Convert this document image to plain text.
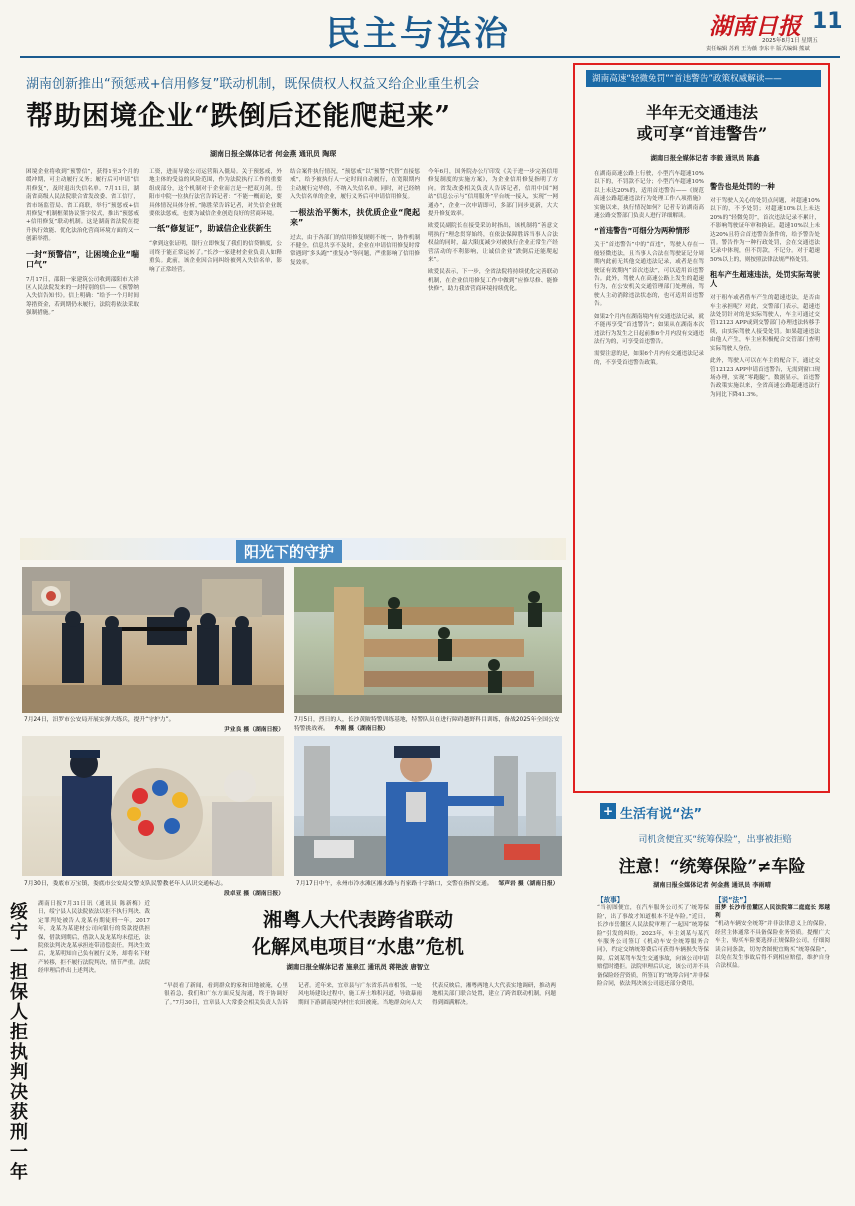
民主与法治	湖南日报 11
2025年8月1日 星期五
责任编辑 苏莉 王为薇 李东丰 版式编辑 熊斌
湖南创新推出“预惩戒+信用修复”联动机制，既保债权人权益又给企业重生机会
帮助困境企业“跌倒后还能爬起来”
湖南日报全媒体记者 何金燕 通讯员 陶琛

困境企业将收到“预警信”，获得1至3个月的缓冲期，可主动履行义务；履行后可申请“信用修复”，及时退出失信名单。7月11日，湖南省高级人民法院联合省发改委、省工信厅，省市场监管局、省工商联，举行“预惩戒+信用修复”机制框架协议签字仪式，推出“预惩戒+信用修复”联动机制。这是湖南省法院在提升执行效能、优化法治化营商环境方面的又一创新举措。

一封“预警信”，让困境企业“喘口气”

7月17日，邵阳一家建筑公司收到邵阳市大祥区人民法院发来的一封特别的信——《预警纳入失信告知书》。信上明确：“给予一个月时间筹措资金，若到期仍未履行，法院将依法采取强制措施。”

工资，进而导致公司运营陷入僵局。关于预惩戒，外地主体的受益的风险范围，作为法院执行工作的重要组成部分，这个机制对于企业而言是一把双刃剑。岳阳市中院一位执行法官告诉记者：“不能一概而论，要具体情况具体分析。”陈胜荣告诉记者，对失信企业既要依法惩戒，也要为诚信企业创造良好的营商环境。

一纸“修复证”，助诚信企业获新生

“拿到这张证明，银行立即恢复了我们的信贷额度，公司终于能正常运转了。”长沙一家建材企业负责人如释重负。此前，该企业因合同纠纷被列入失信名单，影响了正常经营。

结合案件执行情况，“预惩戒”以“预警”代替“直接惩戒”，给予被执行人一定时间自动履行，在宽限期内主动履行完毕的，不纳入失信名单。同时，对已经纳入失信名单的企业，履行义务后可申请信用修复。

一根法治平衡木，扶优质企业“爬起来”

过去，由于各部门的信用修复规则不统一，协作机制不健全，信息共享不及时，企业在申请信用修复时常常遇到“多头跑”“重复办”等问题，严重影响了信用修复效率。

今年6月，国务院办公厅印发《关于进一步完善信用修复制度的实施方案》，为企业信用修复指明了方向。省发改委相关负责人告诉记者，信用中国“网站”信息公示与“信用服务”平台统一接入，实现“一网通办”，企业一次申请即可，多部门同步更新，大大提升修复效率。

欧爱民副院长在接受采访时指出，该机制将“善意文明执行”理念贯穿始终，在依法保障胜诉当事人合法权益的同时，最大限度减少对被执行企业正常生产经营活动的不利影响，让诚信企业“跌倒后还能爬起来”。

欧爱民表示，下一步，全省法院将持续优化完善联动机制，在企业信用修复工作中做到“应修尽修、能修快修”，助力我省营商环境持续优化。

湖南高速“轻微免罚”“首违警告”政策权威解读——
半年无交通违法
或可享“首违警告”
湖南日报全媒体记者 李毅 通讯员 陈鑫

在湖南高速公路上行驶，小型汽车超速10%以下的，不罚款不记分；小型汽车超速10%以上未达20%的，适用首违警告——《规范高速公路超速违法行为处理工作八项措施》实施以来，执行情况如何？记者专访湖南高速公路交警部门负责人进行详细解读。

“首违警告”可细分为两种情形

关于“首违警告”中的“首违”，驾驶人存在一般轻微违法，且当事人合法在驾驶证记分周期内此前无其他交通违法记录，或者是在驾驶证有效期内“首次违法”，可以适用首违警告。此外，驾驶人在高速公路上发生的超速行为，在公安机关交通管理部门处理前，驾驶人主动消除违法状态的，也可适用首违警告。

如果2个月内在湖南境内有交通违法记录，就不能再享受“首违警告”；如果从在湖南本次违法行为发生之日起前推6个月内没有交通违法行为的，可享受首违警告。

需要注意的是，如果6个月内有交通违法记录的，不享受首违警告政策。

警告也是处罚的一种

对于驾驶人关心的处罚点问题，对超速10%以下的，不予处罚；对超速10%以上未达20%的“轻微免罚”，首次违法记录不累计，不影响驾驶证年审和换证。超速10%以上未达20%且符合首违警告条件的，给予警告处罚。警告作为一种行政处罚，会在交通违法记录中体现，但不罚款，不记分。对于超速50%以上的，则按照法律法规严格处罚。

租车产生超速违法，处罚实际驾驶人

对于租车或者借车产生的超速违法，是否由车主承担呢？对此，交警部门表示，超速违法处罚针对的是实际驾驶人，车主可通过交管12123 APP或到交警部门办理违法转移手续，由实际驾驶人接受处罚。如果超速违法由他人产生，车主应积极配合交管部门查明实际驾驶人身份。

此外，驾驶人可以在车主的配合下，通过交管12123 APP申请首违警告，无需到窗口现场办理，实现“零跑腿”。数据显示，首违警告政策实施以来，全省高速公路超速违法行为同比下降41.3%。

阳光下的守护
7月24日，汨罗市公安局开展实弹大练兵，提升“守护力”。
尹业良 摄（湖南日报）
7月5日，烈日的人，长沙黄陂特警训练基地，特警队员在进行障碍越野科目训练，备战2025年全国公安特警挑战赛。 牟刚 摄（湖南日报）
7月30日，娄底市万宝镇，娄底市公安局交警支队民警教老年人认识交通标志。
段卓亚 摄（湖南日报）
7月17日中午，永州市冷水滩区湘水路与肖家路十字路口，交警在指挥交通。 邹声岩 摄（湖南日报）
绥宁一担保人拒执判决获刑一年 湖南日报7月31日讯（通讯员 陈新梅）近日，绥宁县人民法院依法以拒不执行判决、裁定罪判处被告人龙某有期徒刑一年。2017年，龙某为某建材公司向银行的贷款提供担保，借款到期后，借款人及龙某均未偿还，法院依法判决龙某承担连带清偿责任。判决生效后，龙某明知自己负有履行义务，却将名下财产转移，拒不履行法院判决，情节严重。法院经审理后作出上述判决。
湘粤人大代表跨省联动
化解风电项目“水患”危机
湖南日报全媒体记者 施泉江 通讯员 蒋艳波 唐智立
“早晨看了新闻，看到群众的家和田地被淹，心里很着急，我们和广东方面反复沟通，终于协调好了。”7月30日，宜章县人大常委会相关负责人告诉记者。近年来，宜章县与广东省乐昌市相邻，一处风电场建设过程中，施工弃土堆积河道，导致暴雨期间下游湖南境内村庄农田被淹。当地群众向人大代表反映后，湘粤两地人大代表实地调研，推动两地相关部门联合处置，建立了跨省联动机制，问题得到圆满解决。
+ 生活有说“法”
司机贪便宜买“统筹保险”，出事被拒赔
注意！“统筹保险”≠车险
湖南日报全媒体记者 何金燕 通讯员 李雨晴

【故事】

“当初图便宜，在汽车服务公司买了‘统筹保险’，出了事故才知道根本不是车险。”近日，长沙市岳麓区人民法院审理了一起因“统筹保险”引发的纠纷。2023年，车主刘某与某汽车服务公司签订《机动车安全统筹服务合同》，约定交纳统筹费后可获得车辆损失等保障。后刘某驾车发生交通事故，向该公司申请赔偿时遭拒。法院审理后认定，该公司并不具备保险经营资质，所签订的“统筹合同”并非保险合同，依法判决该公司退还部分费用。

【说“法”】

田梦 长沙市岳麓区人民法院第二庭庭长 郑越利

“机动车辆安全统筹”并非法律意义上的保险，经营主体通常不具备保险业务资质。提醒广大车主，购买车险要选择正规保险公司，仔细阅读合同条款，切勿贪图便宜购买“统筹保险”，以免在发生事故后得不到相应赔偿，维护自身合法权益。
